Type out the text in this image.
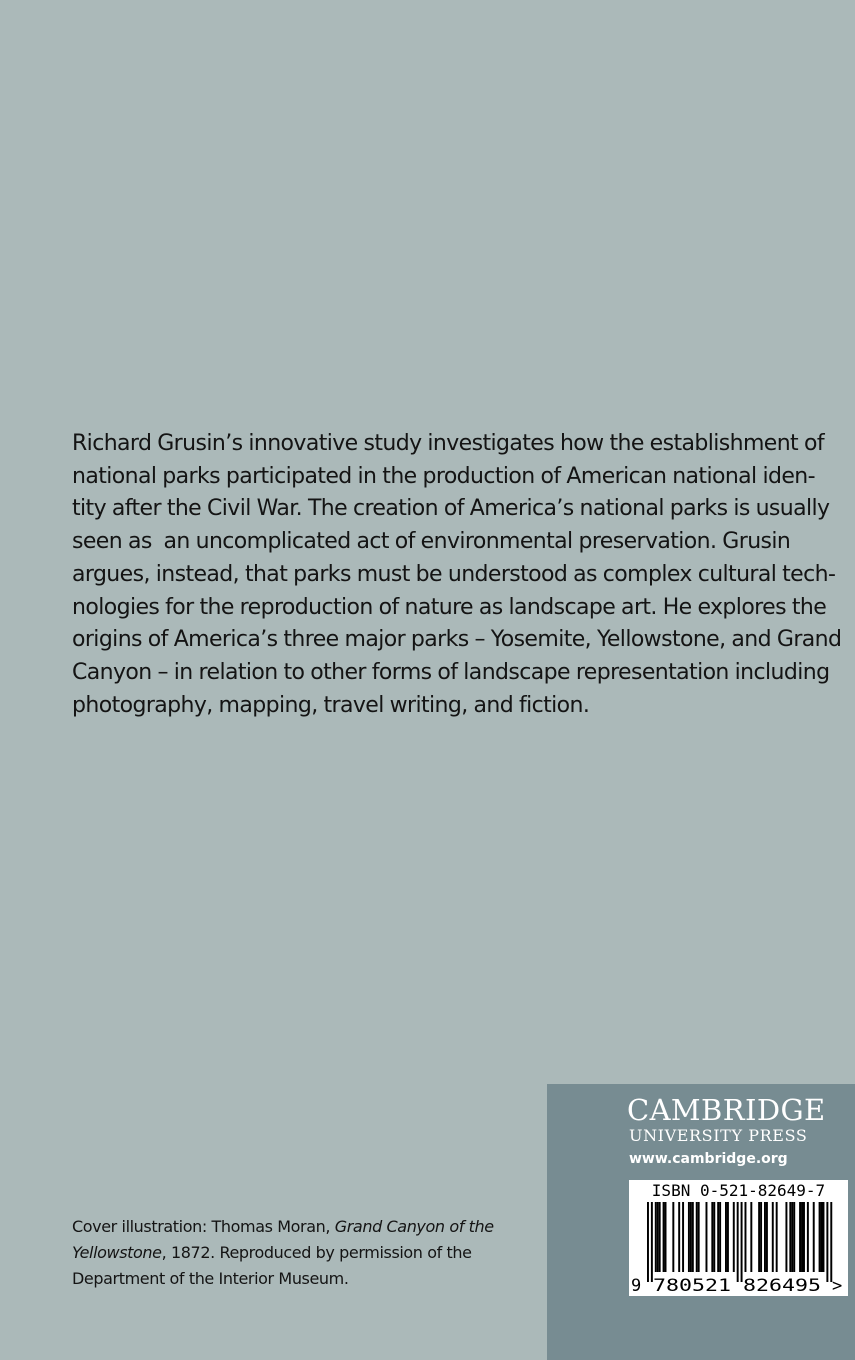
Richard Grusin’s innovative study investigates how the establishment of
national parks participated in the production of American national iden-
tity after the Civil War. The creation of America’s national parks is usually
seen as  an uncomplicated act of environmental preservation. Grusin
argues, instead, that parks must be understood as complex cultural tech-
nologies for the reproduction of nature as landscape art. He explores the
origins of America’s three major parks – Yosemite, Yellowstone, and Grand
Canyon – in relation to other forms of landscape representation including
photography, mapping, travel writing, and fiction.
Cover illustration: Thomas Moran, Grand Canyon of the
Yellowstone, 1872. Reproduced by permission of the
Department of the Interior Museum.
CAMBRIDGE
UNIVERSITY PRESS
www.cambridge.org
ISBN 0-521-82649-7
9 780521 826495 >
